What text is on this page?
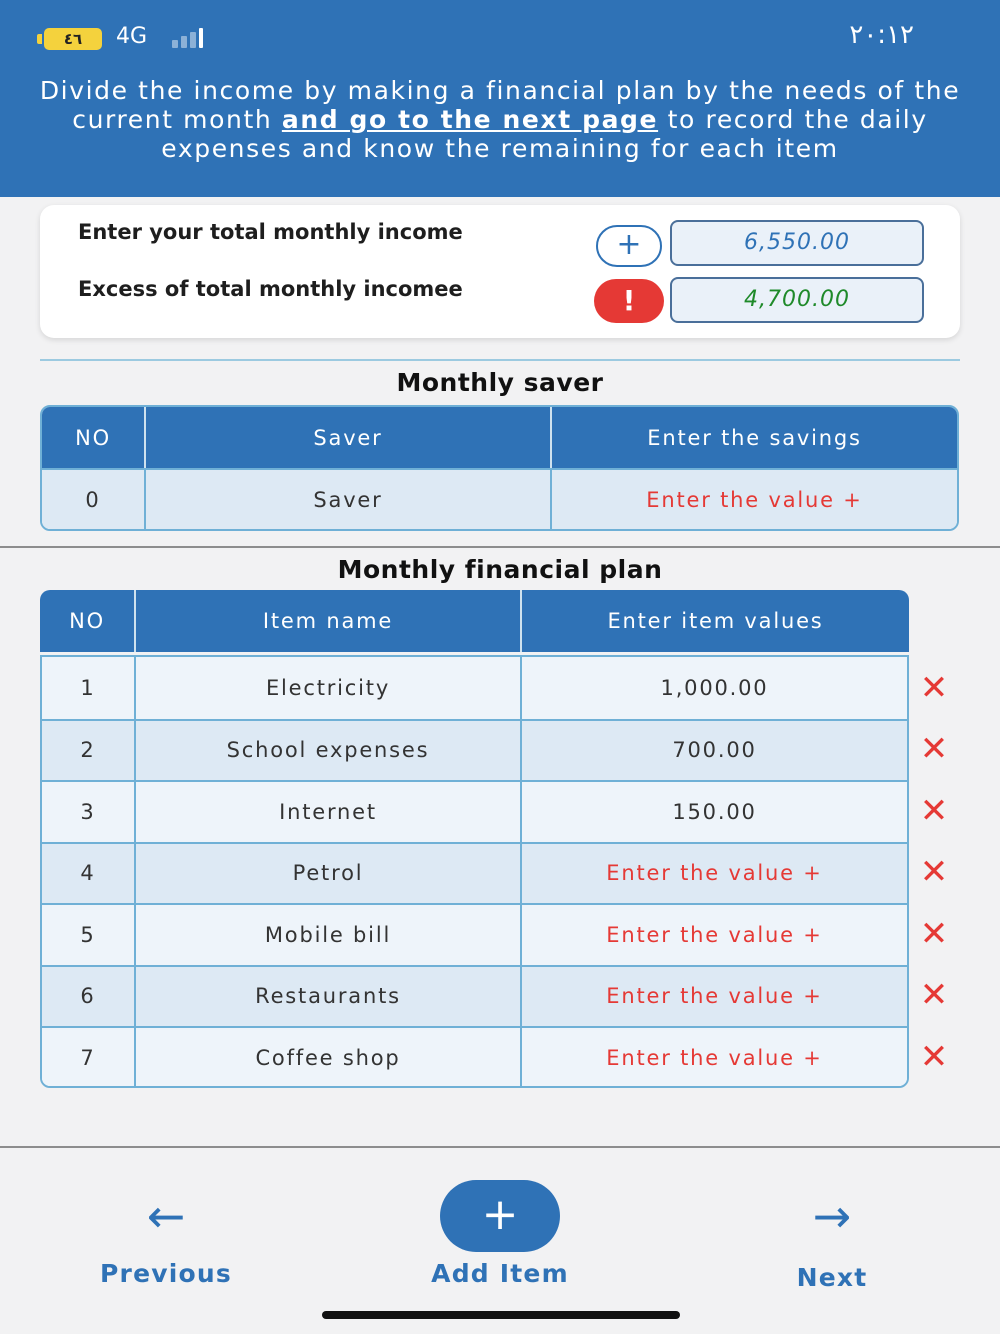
٤٦	4G	٢٠:١٢
Divide the income by making a financial plan by the needs of the current month and go to the next page to record the daily expenses and know the remaining for each item
Enter your total monthly income
Excess of total monthly incomee
+
!
6,550.00
4,700.00
Monthly saver
NO	Saver	Enter the savings
0	Saver	Enter the value +
Monthly financial plan
NO	Item name	Enter item values
1	Electricity	1,000.00
2	School expenses	700.00
3	Internet	150.00
4	Petrol	Enter the value +
5	Mobile bill	Enter the value +
6	Restaurants	Enter the value +
7	Coffee shop	Enter the value +
✕
✕
✕
✕
✕
✕
✕
←
Previous
+
Add Item
→
Next
